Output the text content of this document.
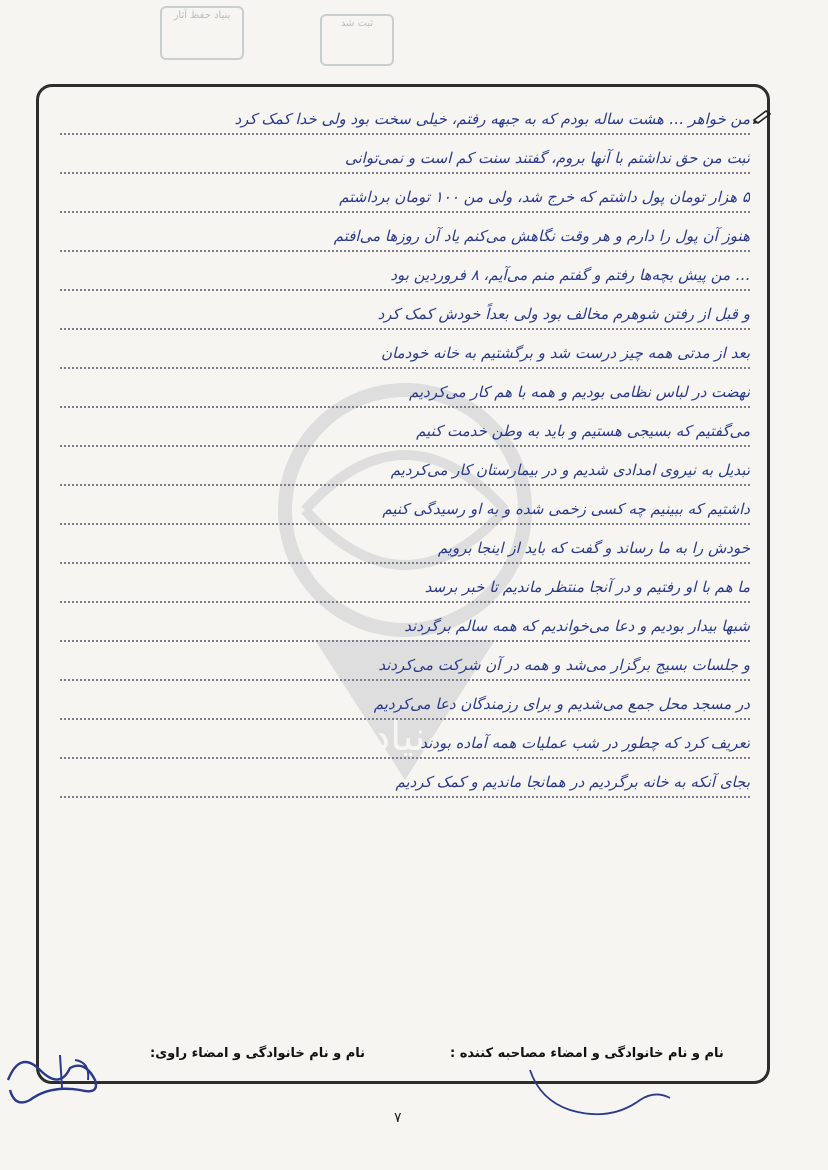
بنیاد حفظ آثار
ثبت شد
بنیاد
من خواهر … هشت ساله بودم که به جبهه رفتم، خیلی سخت بود ولی خدا کمک کرد
ثبت من حق نداشتم با آنها بروم، گفتند سنت کم است و نمی‌توانی
۵ هزار تومان پول داشتم که خرج شد، ولی من ۱۰۰ تومان برداشتم
هنوز آن پول را دارم و هر وقت نگاهش می‌کنم یاد آن روزها می‌افتم
… من پیش بچه‌ها رفتم و گفتم منم می‌آیم، ۸ فروردین بود
و قبل از رفتن شوهرم مخالف بود ولی بعداً خودش کمک کرد
بعد از مدتی همه چیز درست شد و برگشتیم به خانه خودمان
نهضت در لباس نظامی بودیم و همه با هم کار می‌کردیم
می‌گفتیم که بسیجی هستیم و باید به وطن خدمت کنیم
تبدیل به نیروی امدادی شدیم و در بیمارستان کار می‌کردیم
داشتیم که ببینیم چه کسی زخمی شده و به او رسیدگی کنیم
خودش را به ما رساند و گفت که باید از اینجا برویم
ما هم با او رفتیم و در آنجا منتظر ماندیم تا خبر برسد
شبها بیدار بودیم و دعا می‌خواندیم که همه سالم برگردند
و جلسات بسیج برگزار می‌شد و همه در آن شرکت می‌کردند
در مسجد محل جمع می‌شدیم و برای رزمندگان دعا می‌کردیم
تعریف کرد که چطور در شب عملیات همه آماده بودند
بجای آنکه به خانه برگردیم در همانجا ماندیم و کمک کردیم
نام و نام خانوادگی و امضاء مصاحبه کننده :
نام و نام خانوادگی و امضاء راوی:
۷
